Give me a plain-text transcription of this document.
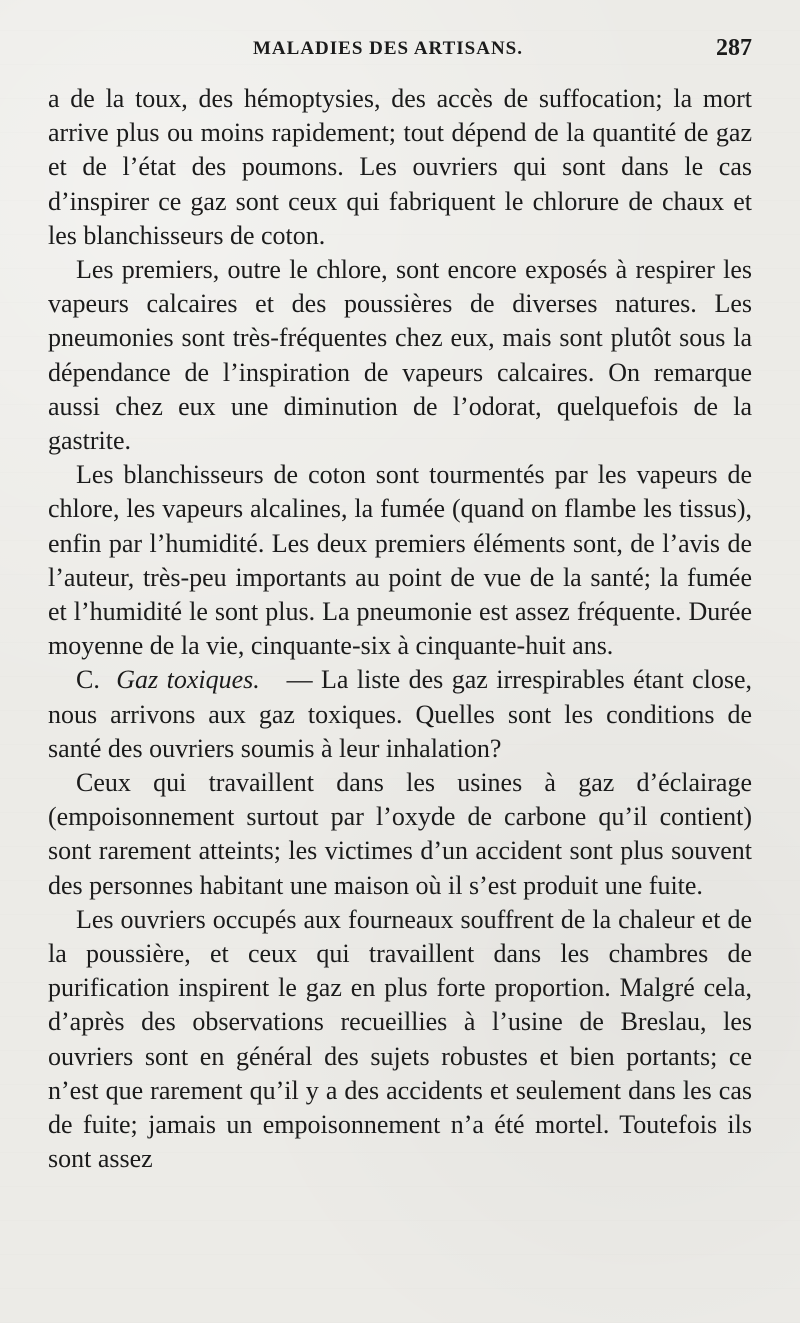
MALADIES DES ARTISANS.	287

a de la toux, des hémoptysies, des accès de suffocation; la mort arrive plus ou moins rapidement; tout dépend de la quantité de gaz et de l’état des poumons. Les ouvriers qui sont dans le cas d’inspirer ce gaz sont ceux qui fabriquent le chlorure de chaux et les blanchisseurs de coton.

Les premiers, outre le chlore, sont encore exposés à respirer les vapeurs calcaires et des poussières de diverses natures. Les pneumonies sont très-fréquentes chez eux, mais sont plutôt sous la dépendance de l’inspiration de vapeurs calcaires. On remarque aussi chez eux une diminution de l’odorat, quelquefois de la gastrite.

Les blanchisseurs de coton sont tourmentés par les vapeurs de chlore, les vapeurs alcalines, la fumée (quand on flambe les tissus), enfin par l’humidité. Les deux premiers éléments sont, de l’avis de l’auteur, très-peu importants au point de vue de la santé; la fumée et l’humidité le sont plus. La pneumonie est assez fréquente. Durée moyenne de la vie, cinquante-six à cinquante-huit ans.

C. Gaz toxiques. — La liste des gaz irrespirables étant close, nous arrivons aux gaz toxiques. Quelles sont les conditions de santé des ouvriers soumis à leur inhalation?

Ceux qui travaillent dans les usines à gaz d’éclairage (empoisonnement surtout par l’oxyde de carbone qu’il contient) sont rarement atteints; les victimes d’un accident sont plus souvent des personnes habitant une maison où il s’est produit une fuite.

Les ouvriers occupés aux fourneaux souffrent de la chaleur et de la poussière, et ceux qui travaillent dans les chambres de purification inspirent le gaz en plus forte proportion. Malgré cela, d’après des observations recueillies à l’usine de Breslau, les ouvriers sont en général des sujets robustes et bien portants; ce n’est que rarement qu’il y a des accidents et seulement dans les cas de fuite; jamais un empoisonnement n’a été mortel. Toutefois ils sont assez
